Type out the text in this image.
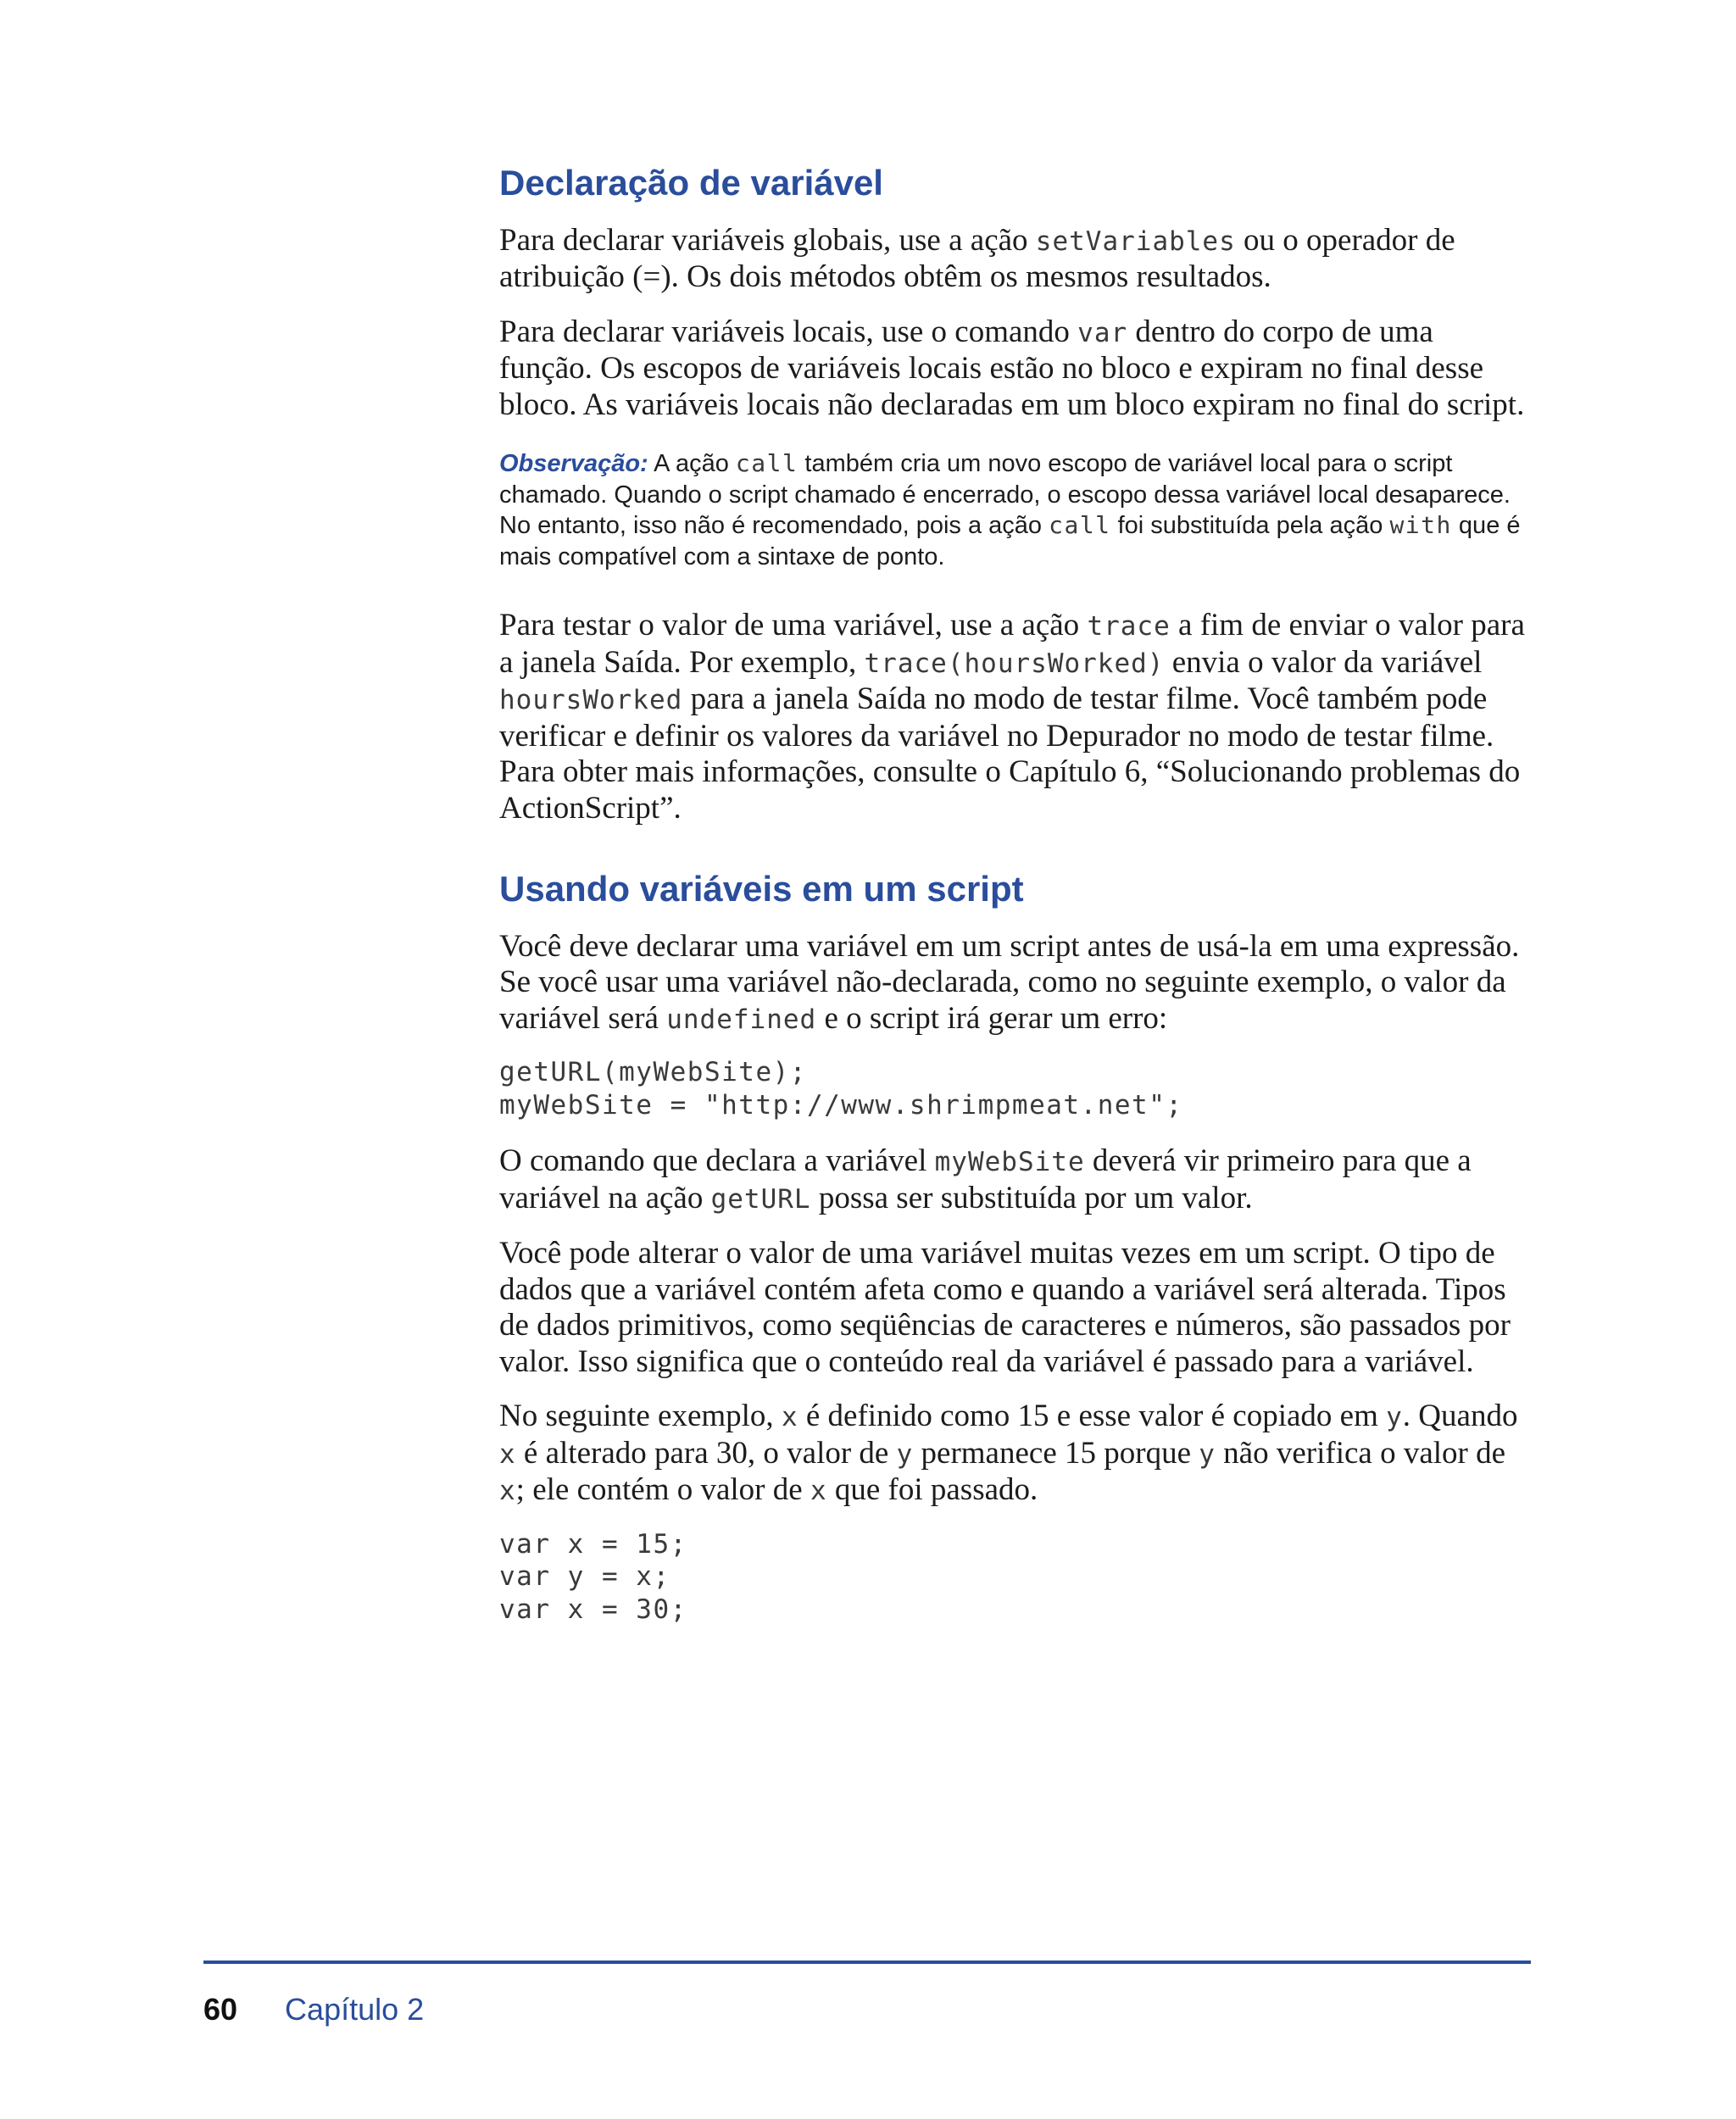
Declaração de variável

Para declarar variáveis globais, use a ação setVariables ou o operador de atribuição (=). Os dois métodos obtêm os mesmos resultados.

Para declarar variáveis locais, use o comando var dentro do corpo de uma função. Os escopos de variáveis locais estão no bloco e expiram no final desse bloco. As variáveis locais não declaradas em um bloco expiram no final do script.

Observação: A ação call também cria um novo escopo de variável local para o script chamado. Quando o script chamado é encerrado, o escopo dessa variável local desaparece. No entanto, isso não é recomendado, pois a ação call foi substituída pela ação with que é mais compatível com a sintaxe de ponto.

Para testar o valor de uma variável, use a ação trace a fim de enviar o valor para a janela Saída. Por exemplo, trace(hoursWorked) envia o valor da variável hoursWorked para a janela Saída no modo de testar filme. Você também pode verificar e definir os valores da variável no Depurador no modo de testar filme. Para obter mais informações, consulte o Capítulo 6, “Solucionando problemas do ActionScript”.

Usando variáveis em um script

Você deve declarar uma variável em um script antes de usá-la em uma expressão. Se você usar uma variável não-declarada, como no seguinte exemplo, o valor da variável será undefined e o script irá gerar um erro:

getURL(myWebSite);
myWebSite = "http://www.shrimpmeat.net";

O comando que declara a variável myWebSite deverá vir primeiro para que a variável na ação getURL possa ser substituída por um valor.

Você pode alterar o valor de uma variável muitas vezes em um script. O tipo de dados que a variável contém afeta como e quando a variável será alterada. Tipos de dados primitivos, como seqüências de caracteres e números, são passados por valor. Isso significa que o conteúdo real da variável é passado para a variável.

No seguinte exemplo, x é definido como 15 e esse valor é copiado em y. Quando x é alterado para 30, o valor de y permanece 15 porque y não verifica o valor de x; ele contém o valor de x que foi passado.

var x = 15;
var y = x;
var x = 30;
60 Capítulo 2
